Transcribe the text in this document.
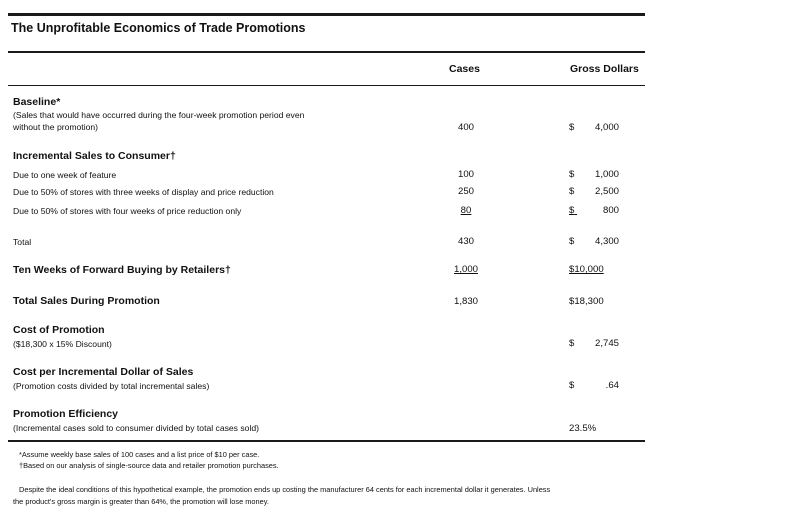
The Unprofitable Economics of Trade Promotions
Cases	Gross Dollars
Baseline*
(Sales that would have occurred during the four-week promotion period even
without the promotion)	400	$ 4,000
Incremental Sales to Consumer†
Due to one week of feature	100	$ 1,000
Due to 50% of stores with three weeks of display and price reduction	250	$ 2,500
Due to 50% of stores with four weeks of price reduction only	80	$	800
Total	430	$ 4,300
Ten Weeks of Forward Buying by Retailers†	1,000	$10,000
Total Sales During Promotion	1,830	$18,300
Cost of Promotion
($18,300 x 15% Discount)	$ 2,745
Cost per Incremental Dollar of Sales
(Promotion costs divided by total incremental sales)	$	.64
Promotion Efficiency
(Incremental cases sold to consumer divided by total cases sold)	23.5%
*Assume weekly base sales of 100 cases and a list price of $10 per case.
†Based on our analysis of single-source data and retailer promotion purchases.
Despite the ideal conditions of this hypothetical example, the promotion ends up costing the manufacturer 64 cents for each incremental dollar it generates. Unless
the product's gross margin is greater than 64%, the promotion will lose money.
